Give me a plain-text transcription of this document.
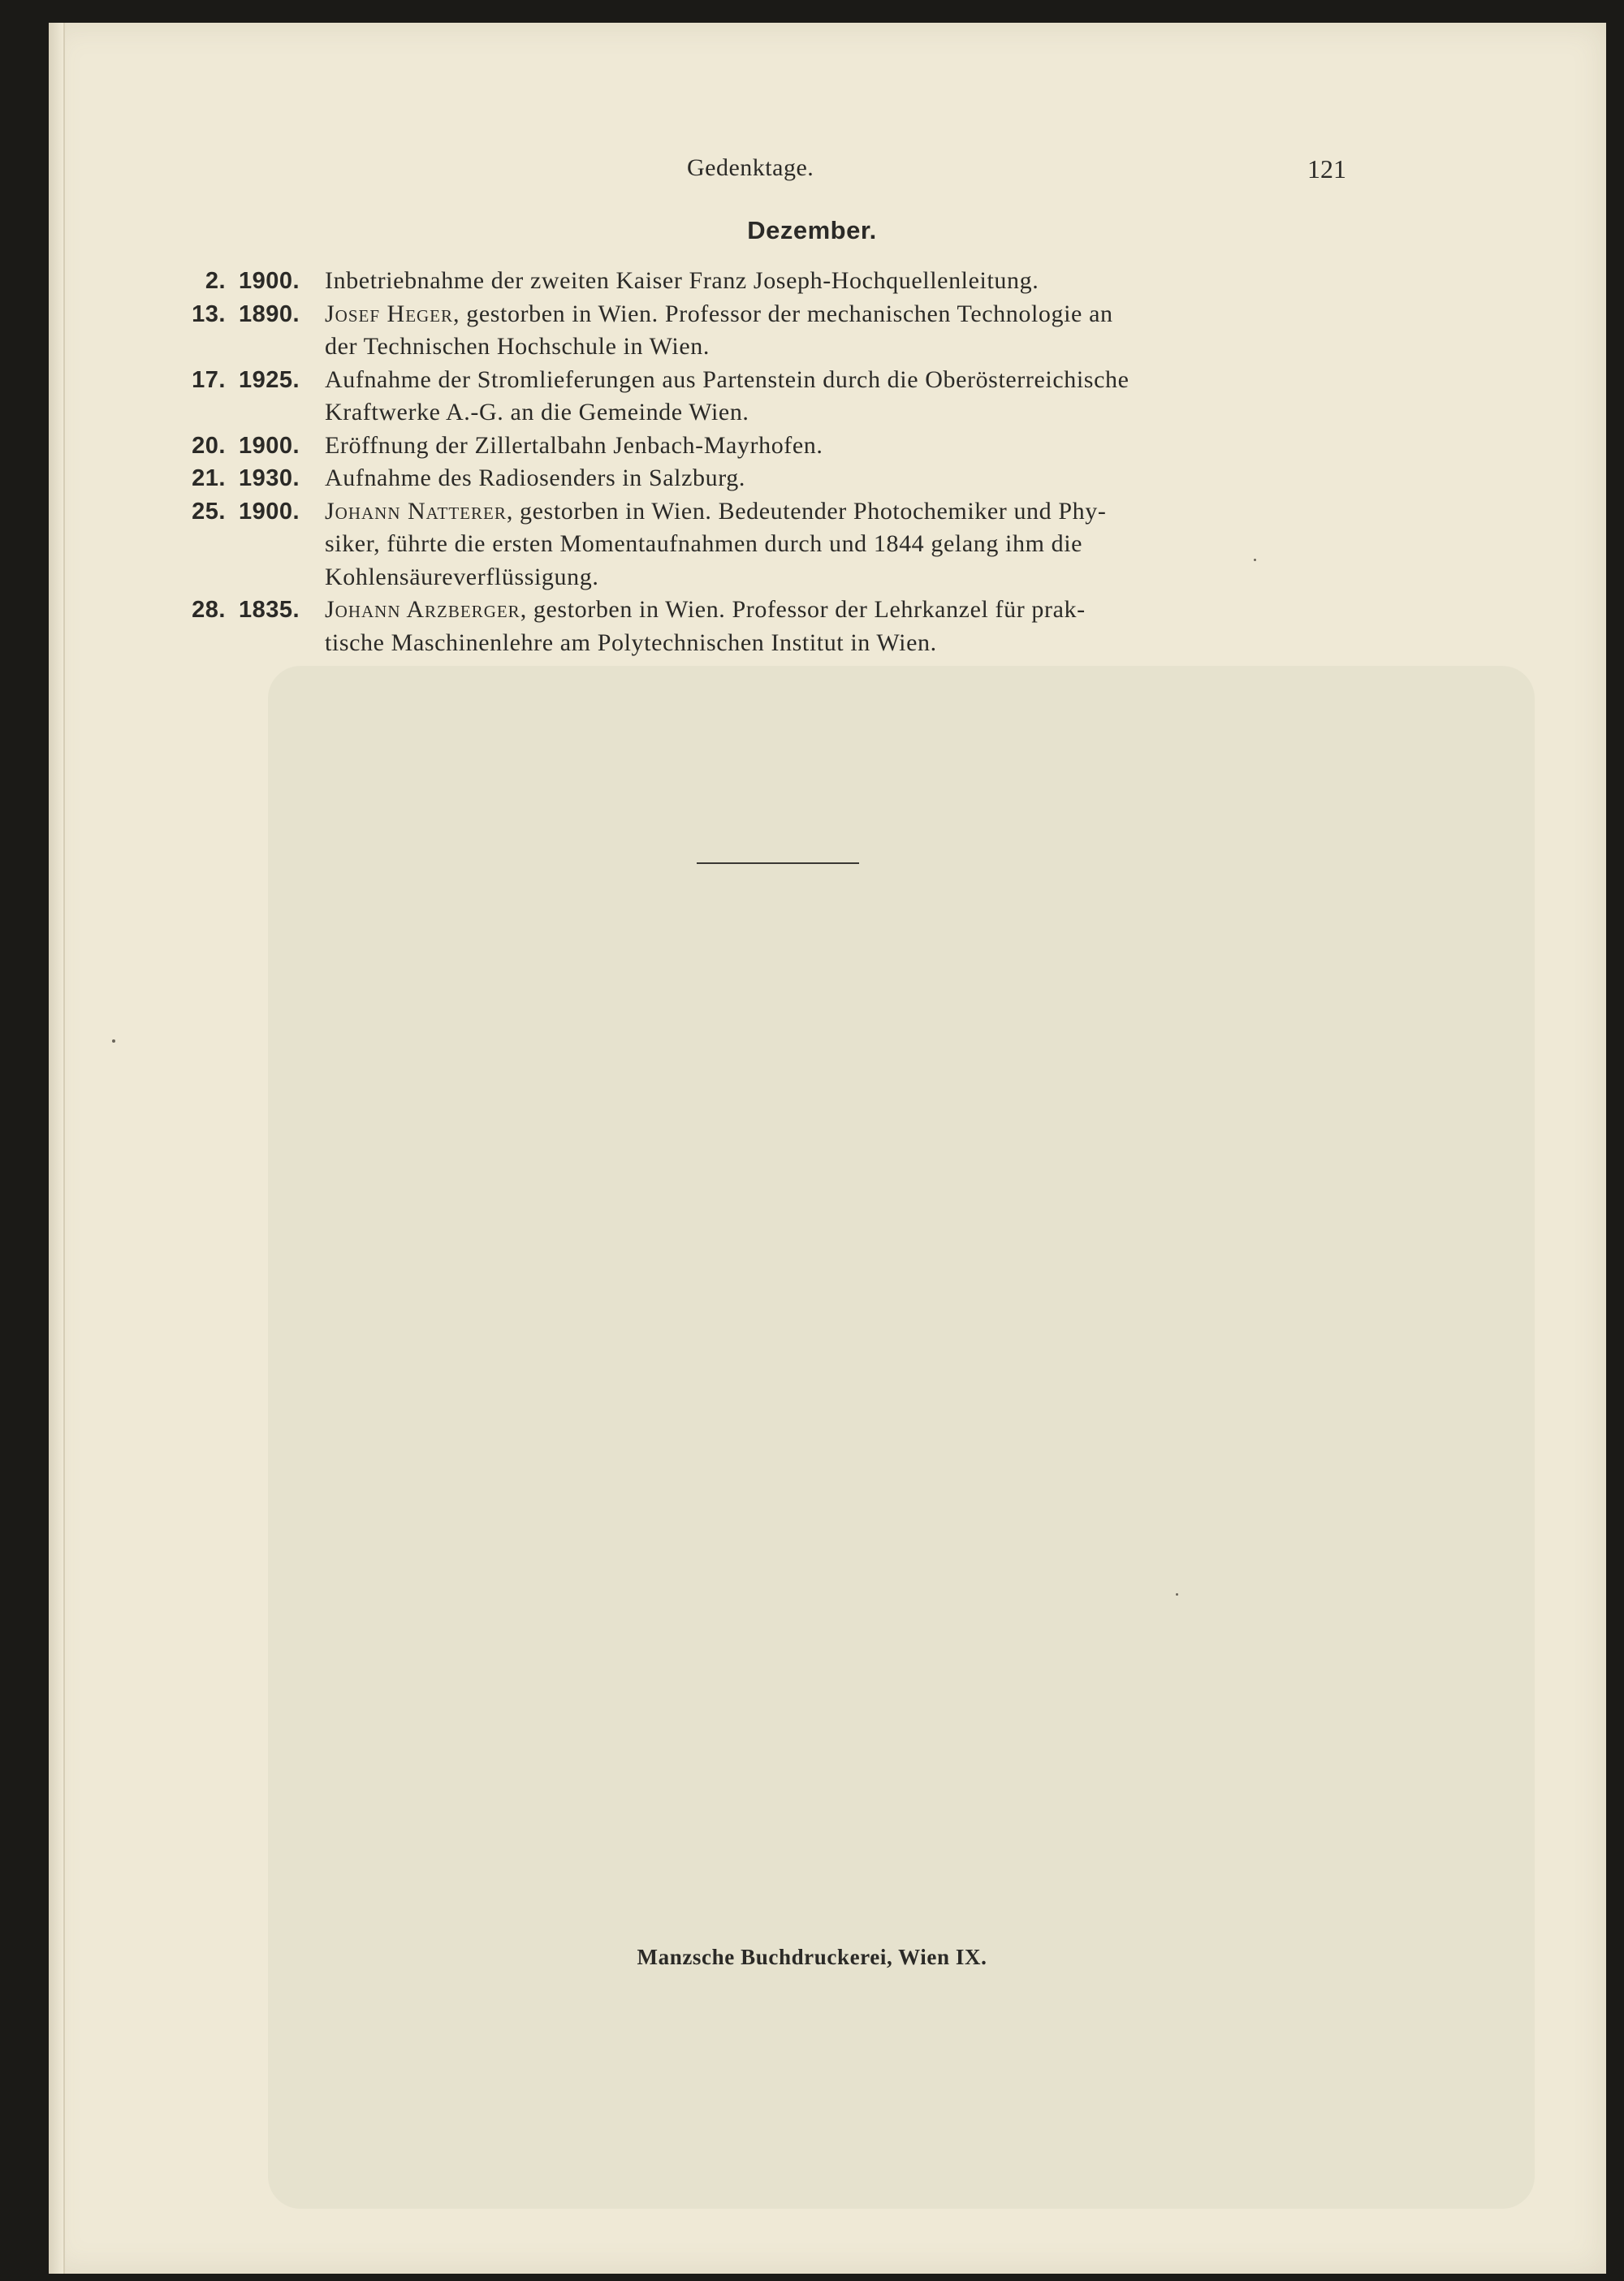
Gedenktage.	121
Dezember.
2. 1900.	Inbetriebnahme der zweiten Kaiser Franz Joseph-Hochquellenleitung.
13. 1890.	Josef Heger, gestorben in Wien. Professor der mechanischen Technologie an
der Technischen Hochschule in Wien.
17. 1925.	Aufnahme der Stromlieferungen aus Partenstein durch die Oberösterreichische
Kraftwerke A.-G. an die Gemeinde Wien.
20. 1900.	Eröffnung der Zillertalbahn Jenbach-Mayrhofen.
21. 1930.	Aufnahme des Radiosenders in Salzburg.
25. 1900.	Johann Natterer, gestorben in Wien. Bedeutender Photochemiker und Phy-
siker, führte die ersten Momentaufnahmen durch und 1844 gelang ihm die
Kohlensäureverflüssigung.
28. 1835.	Johann Arzberger, gestorben in Wien. Professor der Lehrkanzel für prak-
tische Maschinenlehre am Polytechnischen Institut in Wien.
Manzsche Buchdruckerei, Wien IX.
